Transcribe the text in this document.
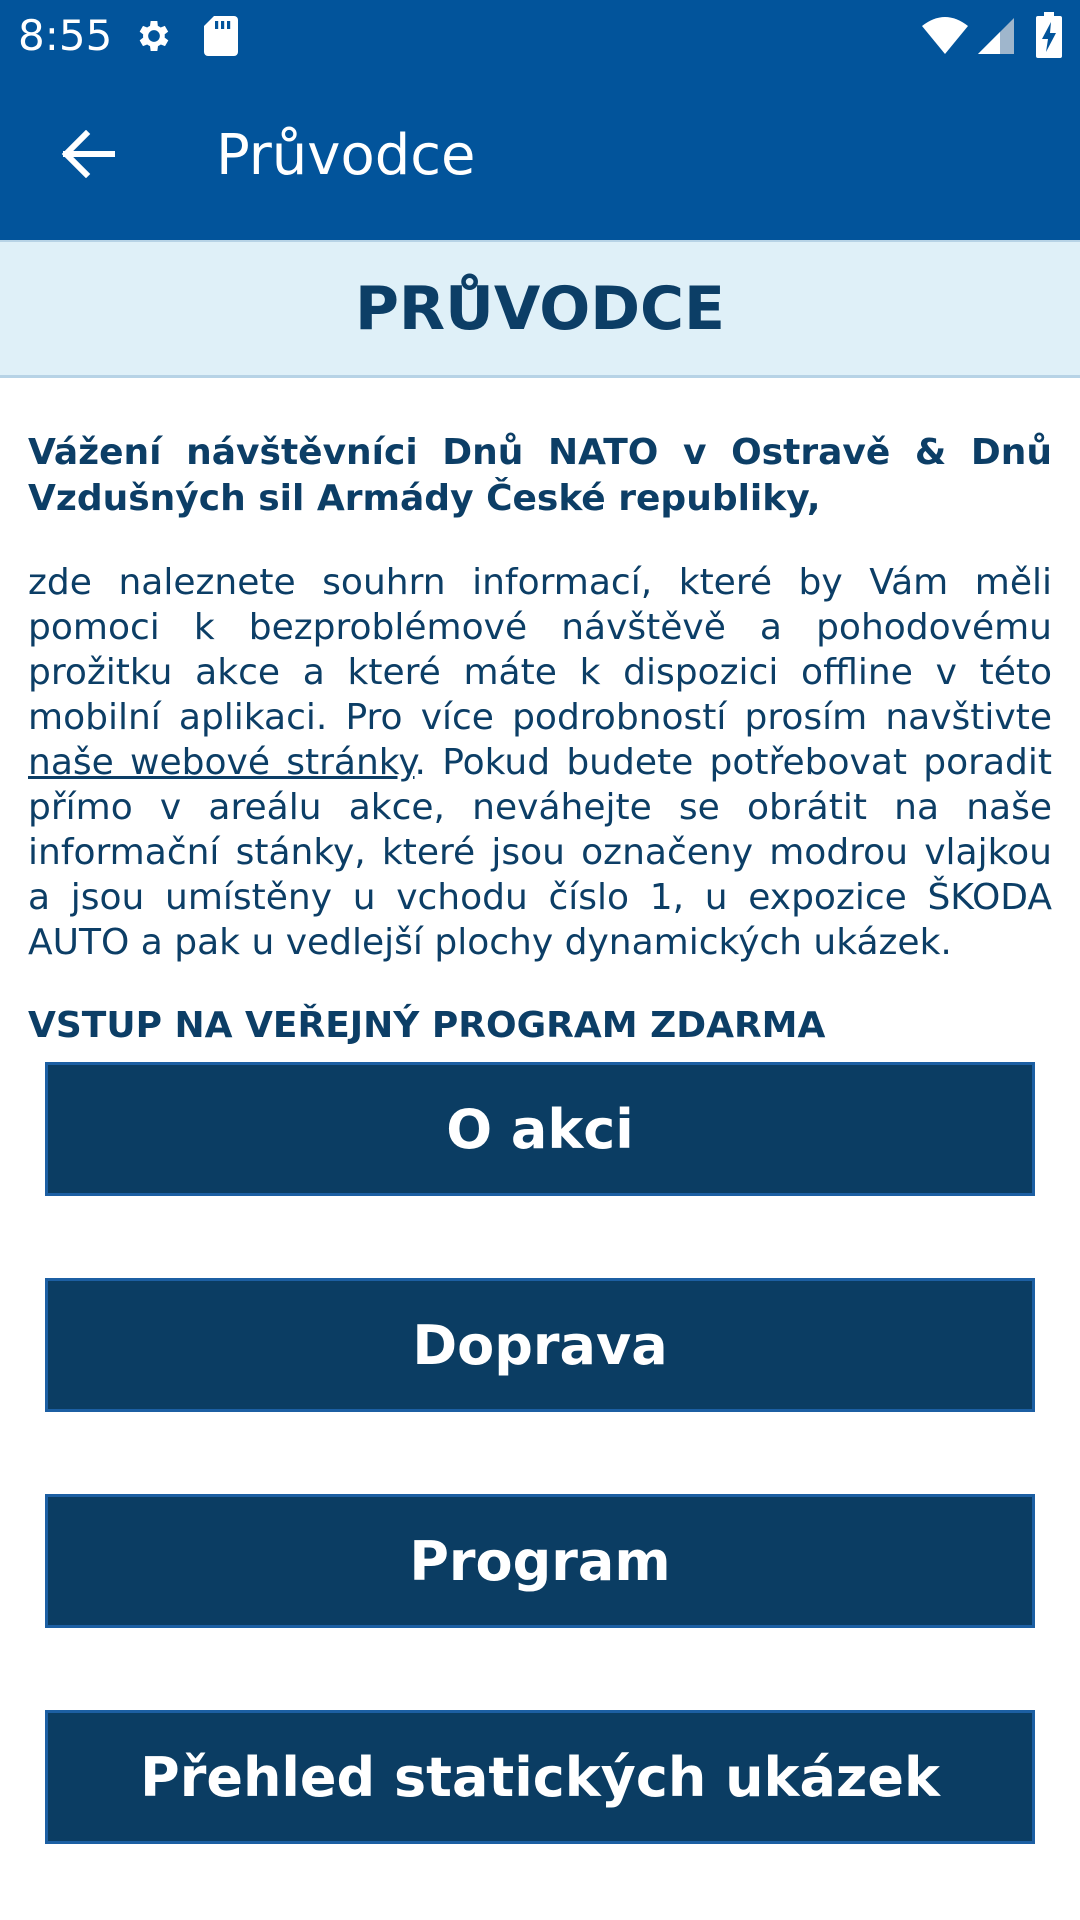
8:55
Průvodce
PRŮVODCE

Vážení návštěvníci Dnů NATO v Ostravě & Dnů Vzdušných sil Armády České republiky,

zde naleznete souhrn informací, které by Vám měli pomoci k bezproblémové návštěvě a pohodovému prožitku akce a které máte k dispozici offline v této mobilní aplikaci. Pro více podrobností prosím navštivte naše webové stránky. Pokud budete potřebovat poradit přímo v areálu akce, neváhejte se obrátit na naše informační stánky, které jsou označeny modrou vlajkou a jsou umístěny u vchodu číslo 1, u expozice ŠKODA AUTO a pak u vedlejší plochy dynamických ukázek.

VSTUP NA VEŘEJNÝ PROGRAM ZDARMA

O akci
Doprava
Program
Přehled statických ukázek
